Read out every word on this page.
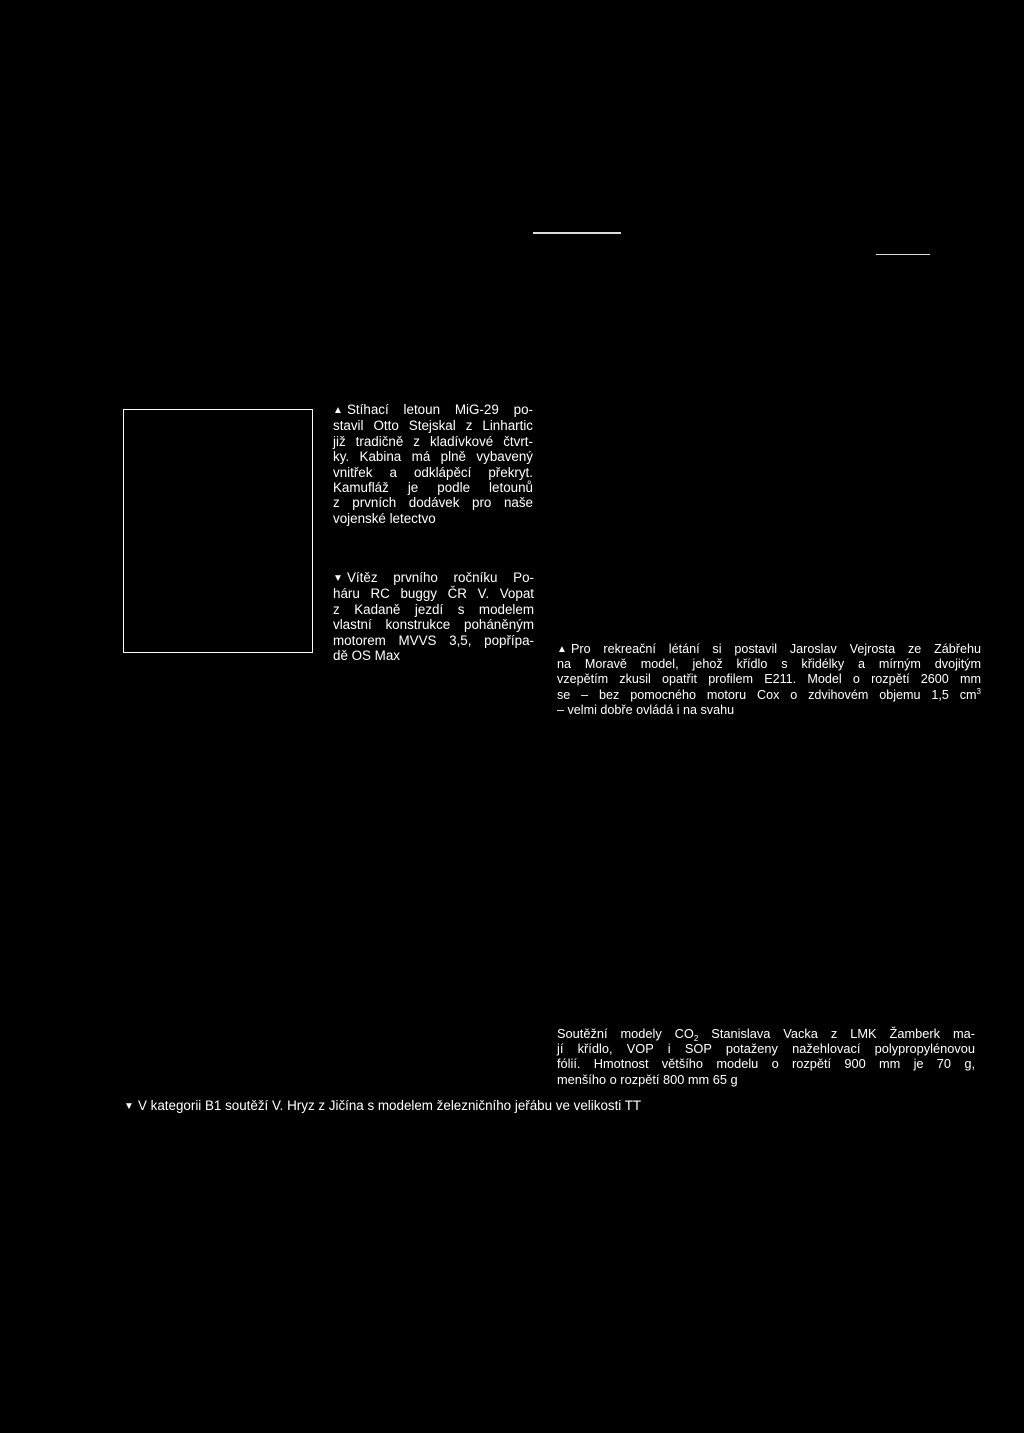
▲ Stíhací letoun MiG-29 po-
stavil Otto Stejskal z Linhartic
již tradičně z kladívkové čtvrt-
ky. Kabina má plně vybavený
vnitřek a odklápěcí překryt.
Kamufláž je podle letounů
z prvních dodávek pro naše
vojenské letectvo
▼ Vítěz prvního ročníku Po-
háru RC buggy ČR V. Vopat
z Kadaně jezdí s modelem
vlastní konstrukce poháněným
motorem MVVS 3,5, popřípa-
dě OS Max	▲ Pro rekreační létání si postavil Jaroslav Vejrosta ze Zábřehu
na Moravě model, jehož křídlo s křidélky a mírným dvojitým
vzepětím zkusil opatřit profilem E211. Model o rozpětí 2600 mm
se – bez pomocného motoru Cox o zdvihovém objemu 1,5 $cm^3$
– velmi dobře ovládá i na svahu
Soutěžní modely $CO_2$ Stanislava Vacka z LMK Žamberk ma-
jí křídlo, VOP i SOP potaženy nažehlovací polypropylénovou
fólií. Hmotnost většího modelu o rozpětí 900 mm je 70 g,
menšího o rozpětí 800 mm 65 g
▼ V kategorii B1 soutěží V. Hryz z Jičína s modelem železničního jeřábu ve velikosti TT
